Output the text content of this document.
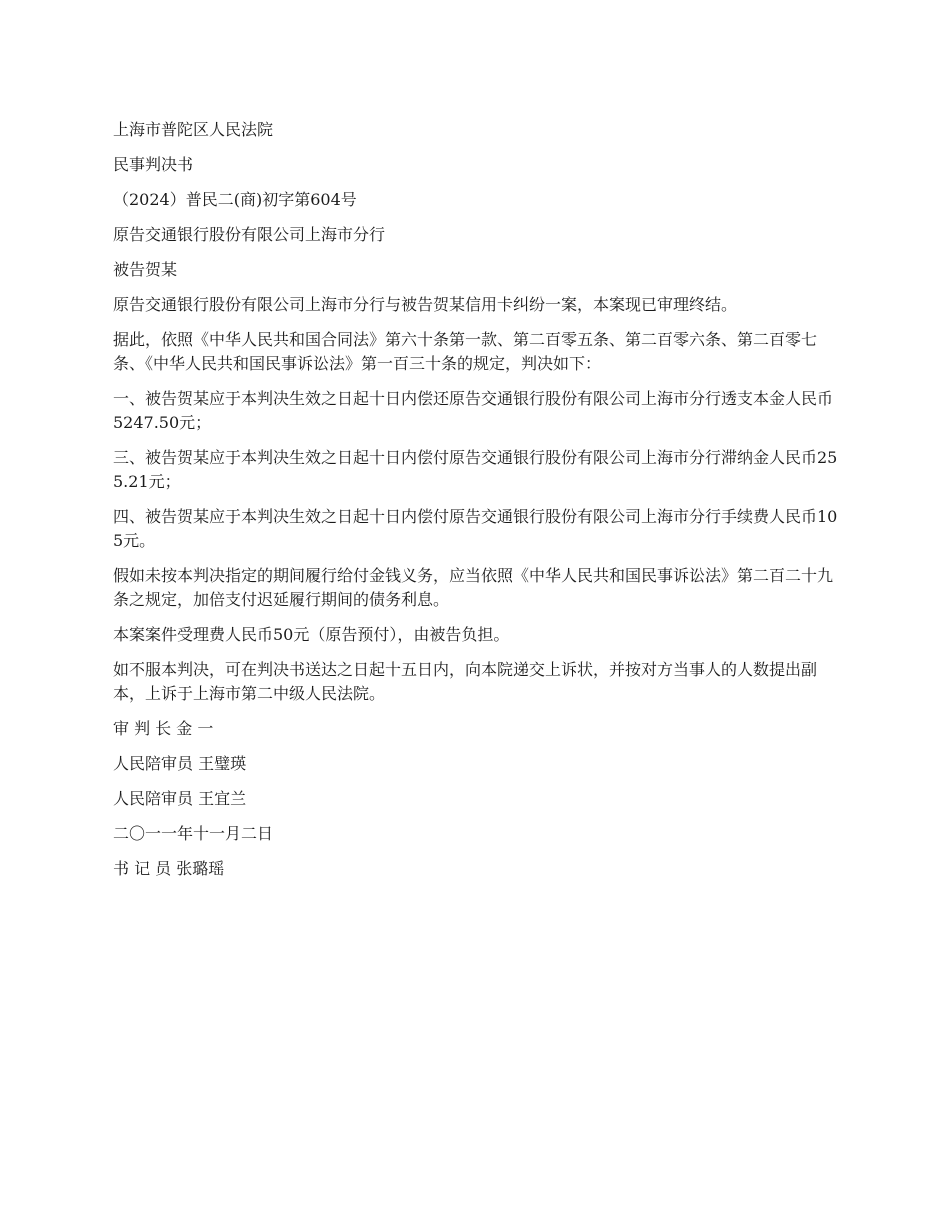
上海市普陀区人民法院

民事判决书

（2024）普民二(商)初字第604号

原告交通银行股份有限公司上海市分行

被告贺某

原告交通银行股份有限公司上海市分行与被告贺某信用卡纠纷一案，本案现已审理终结。

据此，依照《中华人民共和国合同法》第六十条第一款、第二百零五条、第二百零六条、第二百零七条、《中华人民共和国民事诉讼法》第一百三十条的规定，判决如下：

一、被告贺某应于本判决生效之日起十日内偿还原告交通银行股份有限公司上海市分行透支本金人民币5247.50元；

三、被告贺某应于本判决生效之日起十日内偿付原告交通银行股份有限公司上海市分行滞纳金人民币255.21元；

四、被告贺某应于本判决生效之日起十日内偿付原告交通银行股份有限公司上海市分行手续费人民币105元。

假如未按本判决指定的期间履行给付金钱义务，应当依照《中华人民共和国民事诉讼法》第二百二十九条之规定，加倍支付迟延履行期间的债务利息。

本案案件受理费人民币50元（原告预付），由被告负担。

如不服本判决，可在判决书送达之日起十五日内，向本院递交上诉状，并按对方当事人的人数提出副本，上诉于上海市第二中级人民法院。

审 判 长 金 一

人民陪审员 王璧瑛

人民陪审员 王宜兰

二〇一一年十一月二日

书 记 员 张璐瑶
